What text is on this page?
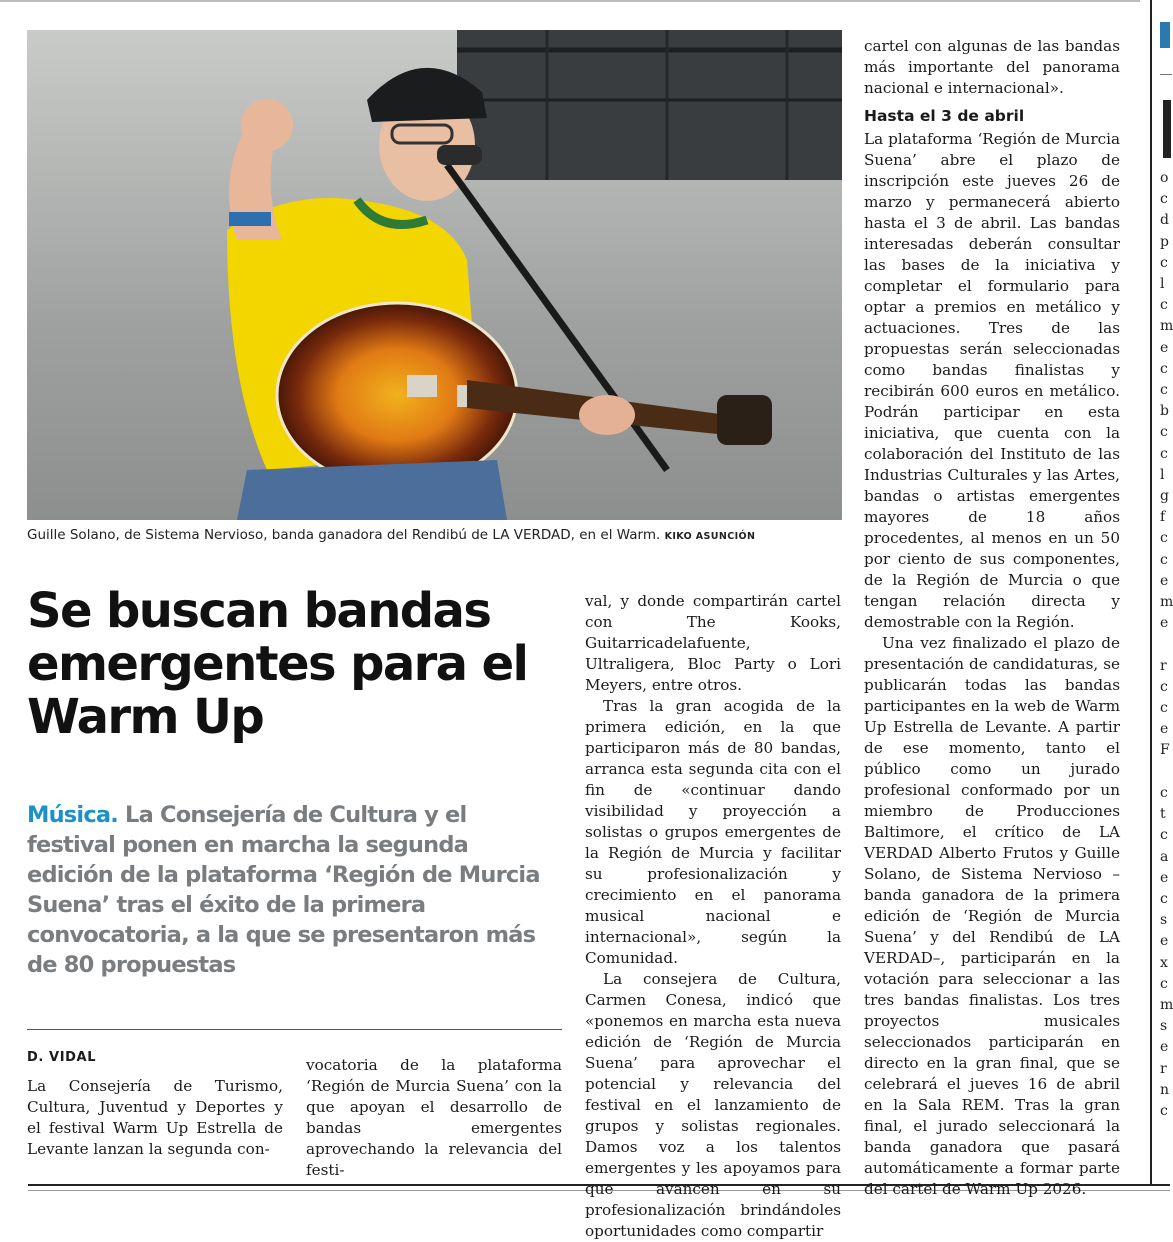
Guille Solano, de Sistema Nervioso, banda ganadora del Rendibú de LA VERDAD, en el Warm. KIKO ASUNCIÓN
Se buscan bandas emergentes para el Warm Up

Música. La Consejería de Cultura y el festival ponen en marcha la segunda edición de la plataforma ‘Región de Murcia Suena’ tras el éxito de la primera convocatoria, a la que se presentaron más de 80 propuestas

D. VIDAL

La Consejería de Turismo, Cultura, Juventud y Deportes y el festival Warm Up Estrella de Levante lanzan la segunda con-

vocatoria de la plataforma ‘Región de Murcia Suena’ con la que apoyan el desarrollo de bandas emergentes aprovechando la relevancia del festi-

val, y donde compartirán cartel con The Kooks, Guitarricadelafuente, Ultraligera, Bloc Party o Lori Meyers, entre otros.

Tras la gran acogida de la primera edición, en la que participaron más de 80 bandas, arranca esta segunda cita con el fin de «continuar dando visibilidad y proyección a solistas o grupos emergentes de la Región de Murcia y facilitar su profesionalización y crecimiento en el panorama musical nacional e internacional», según la Comunidad.

La consejera de Cultura, Carmen Conesa, indicó que «ponemos en marcha esta nueva edición de ‘Región de Murcia Suena’ para aprovechar el potencial y relevancia del festival en el lanzamiento de grupos y solistas regionales. Damos voz a los talentos emergentes y les apoyamos para que avancen en su profesionalización brindándoles oportunidades como compartir

cartel con algunas de las bandas más importante del panorama nacional e internacional».

Hasta el 3 de abril

La plataforma ‘Región de Murcia Suena’ abre el plazo de inscripción este jueves 26 de marzo y permanecerá abierto hasta el 3 de abril. Las bandas interesadas deberán consultar las bases de la iniciativa y completar el formulario para optar a premios en metálico y actuaciones. Tres de las propuestas serán seleccionadas como bandas finalistas y recibirán 600 euros en metálico. Podrán participar en esta iniciativa, que cuenta con la colaboración del Instituto de las Industrias Culturales y las Artes, bandas o artistas emergentes mayores de 18 años procedentes, al menos en un 50 por ciento de sus componentes, de la Región de Murcia o que tengan relación directa y demostrable con la Región.

Una vez finalizado el plazo de presentación de candidaturas, se publicarán todas las bandas participantes en la web de Warm Up Estrella de Levante. A partir de ese momento, tanto el público como un jurado profesional conformado por un miembro de Producciones Baltimore, el crítico de LA VERDAD Alberto Frutos y Guille Solano, de Sistema Nervioso –banda ganadora de la primera edición de ‘Región de Murcia Suena’ y del Rendibú de LA VERDAD–, participarán en la votación para seleccionar a las tres bandas finalistas. Los tres proyectos musicales seleccionados participarán en directo en la gran final, que se celebrará el jueves 16 de abril en la Sala REM. Tras la gran final, el jurado seleccionará la banda ganadora que pasará automáticamente a formar parte del cartel de Warm Up 2026.

o
c
d
p
c
l
c
m
e
c
c
b
c
c
l
g
f
c
c
e
m
e

r
c
c
e
F

c
t
c
a
e
c
s
e
x
c
m
s
e
r
n
c
